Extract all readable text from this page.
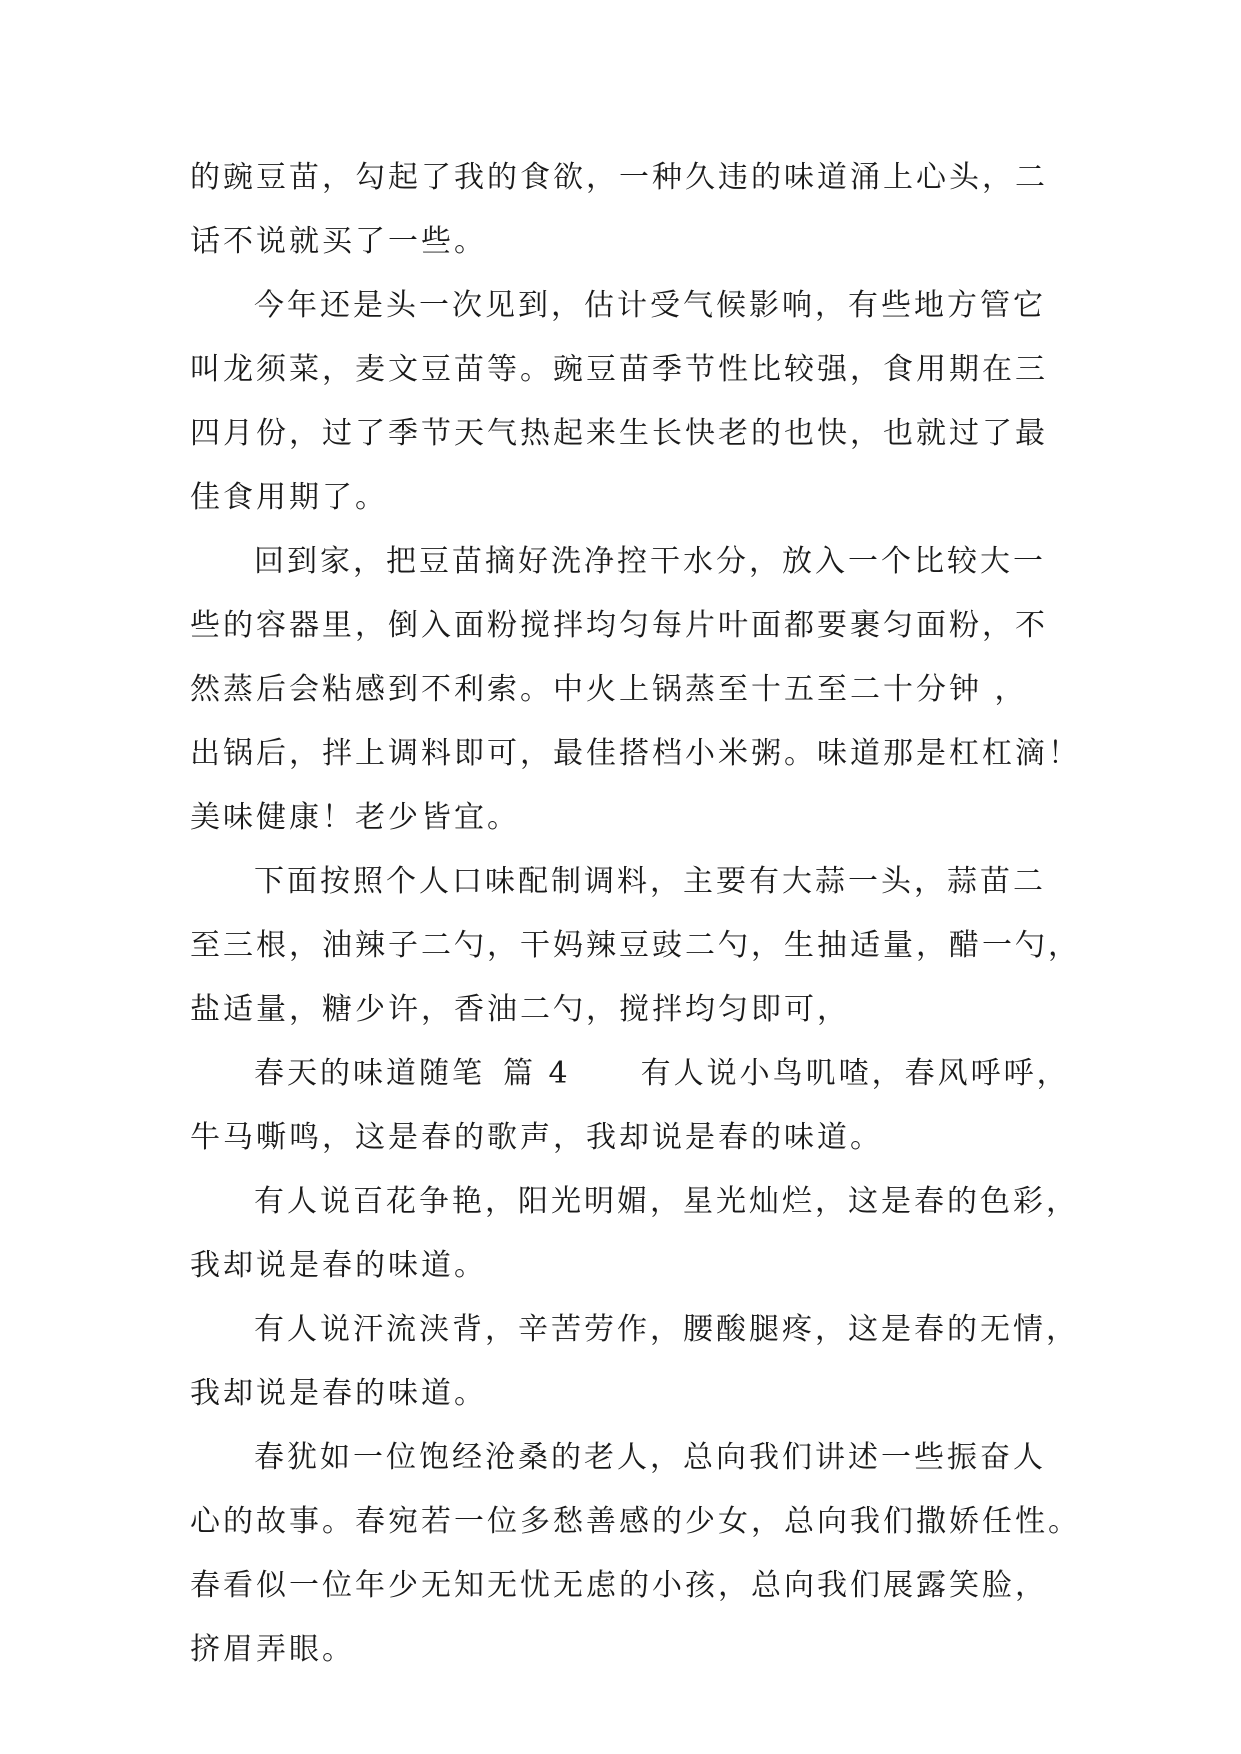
的豌豆苗，勾起了我的食欲，一种久违的味道涌上心头，二
话不说就买了一些。
今年还是头一次见到，估计受气候影响，有些地方管它
叫龙须菜，麦文豆苗等。豌豆苗季节性比较强，食用期在三
四月份，过了季节天气热起来生长快老的也快，也就过了最
佳食用期了。
回到家，把豆苗摘好洗净控干水分，放入一个比较大一
些的容器里，倒入面粉搅拌均匀每片叶面都要裹匀面粉，不
然蒸后会粘感到不利索。中火上锅蒸至十五至二十分钟 ，
出锅后，拌上调料即可，最佳搭档小米粥。味道那是杠杠滴！
美味健康！老少皆宜。
下面按照个人口味配制调料，主要有大蒜一头，蒜苗二
至三根，油辣子二勺，干妈辣豆豉二勺，生抽适量，醋一勺，
盐适量，糖少许，香油二勺，搅拌均匀即可，
春天的味道随笔 篇 4 有人说小鸟叽喳，春风呼呼，
牛马嘶鸣，这是春的歌声，我却说是春的味道。
有人说百花争艳，阳光明媚，星光灿烂，这是春的色彩，
我却说是春的味道。
有人说汗流浃背，辛苦劳作，腰酸腿疼，这是春的无情，
我却说是春的味道。
春犹如一位饱经沧桑的老人，总向我们讲述一些振奋人
心的故事。春宛若一位多愁善感的少女，总向我们撒娇任性。
春看似一位年少无知无忧无虑的小孩，总向我们展露笑脸，
挤眉弄眼。
